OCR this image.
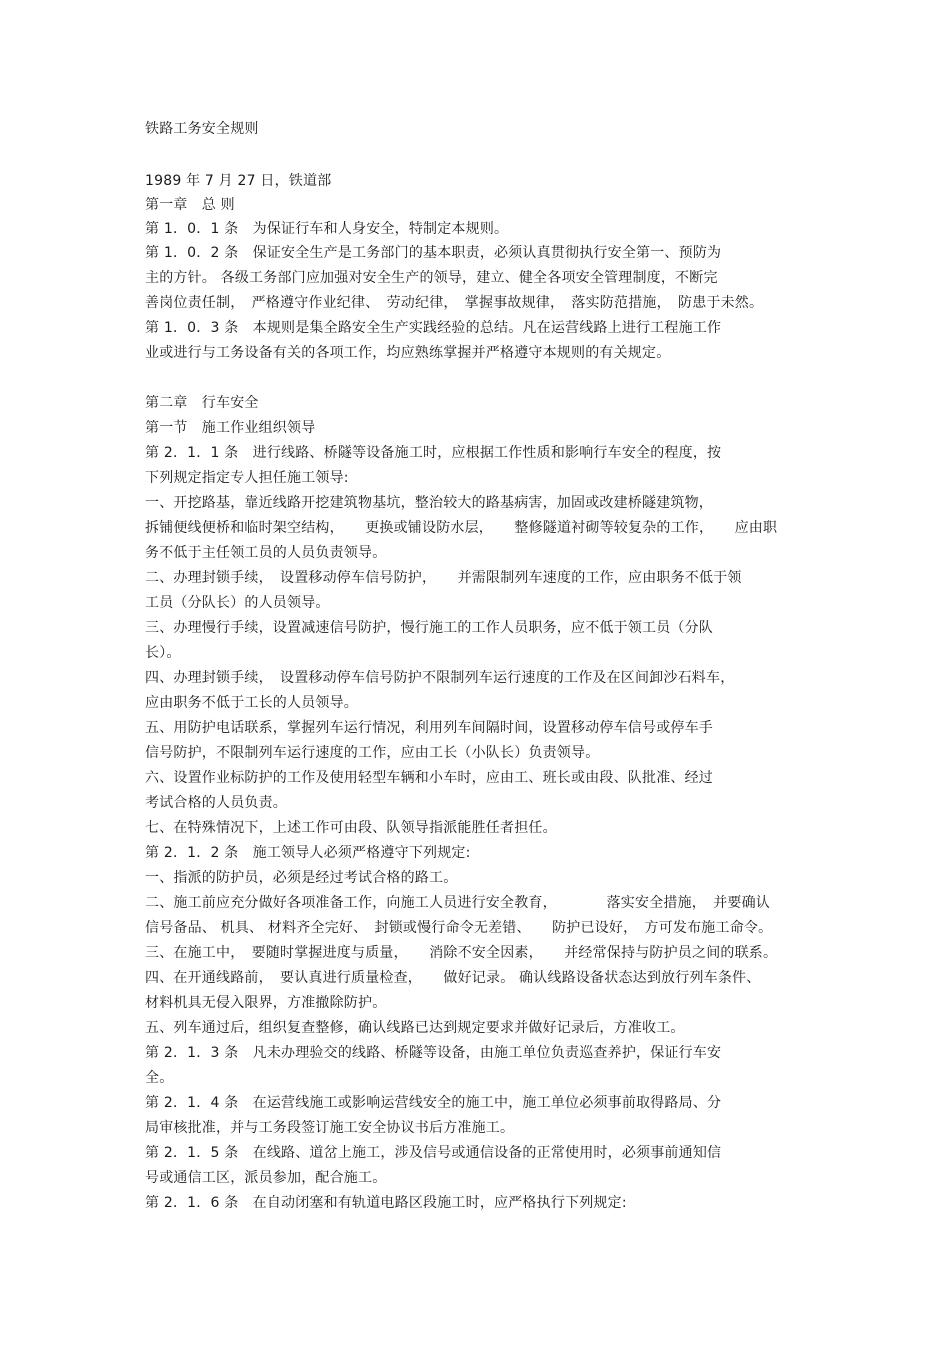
铁路工务安全规则
1989 年 7 月 27 日，铁道部
第一章　总 则
第 1．0．1 条　为保证行车和人身安全，特制定本规则。
第 1．0．2 条　保证安全生产是工务部门的基本职责，必须认真贯彻执行安全第一、预防为
主的方针。 各级工务部门应加强对安全生产的领导，建立、健全各项安全管理制度，不断完
善岗位责任制，　严格遵守作业纪律、　劳动纪律，　掌握事故规律，　落实防范措施，　防患于未然。
第 1．0．3 条　本规则是集全路安全生产实践经验的总结。凡在运营线路上进行工程施工作
业或进行与工务设备有关的各项工作，均应熟练掌握并严格遵守本规则的有关规定。
第二章　行车安全
第一节　施工作业组织领导
第 2．1．1 条　进行线路、桥隧等设备施工时，应根据工作性质和影响行车安全的程度，按
下列规定指定专人担任施工领导:
一、开挖路基，靠近线路开挖建筑物基坑，整治较大的路基病害，加固或改建桥隧建筑物，
拆铺便线便桥和临时架空结构，　　更换或铺设防水层，　　整修隧道衬砌等较复杂的工作，　　应由职
务不低于主任领工员的人员负责领导。
二、办理封锁手续，　设置移动停车信号防护，　　并需限制列车速度的工作，应由职务不低于领
工员（分队长）的人员领导。
三、办理慢行手续，设置减速信号防护，慢行施工的工作人员职务，应不低于领工员（分队
长）。
四、办理封锁手续，　设置移动停车信号防护不限制列车运行速度的工作及在区间卸沙石料车，
应由职务不低于工长的人员领导。
五、用防护电话联系，掌握列车运行情况，利用列车间隔时间，设置移动停车信号或停车手
信号防护，不限制列车运行速度的工作，应由工长（小队长）负责领导。
六、设置作业标防护的工作及使用轻型车辆和小车时，应由工、班长或由段、队批准、经过
考试合格的人员负责。
七、在特殊情况下，上述工作可由段、队领导指派能胜任者担任。
第 2．1．2 条　施工领导人必须严格遵守下列规定:
一、指派的防护员，必须是经过考试合格的路工。
二、施工前应充分做好各项准备工作，向施工人员进行安全教育，　　　　落实安全措施，　并要确认
信号备品、 机具、 材料齐全完好、　封锁或慢行命令无差错、　　防护已设好，　方可发布施工命令。
三、在施工中，　要随时掌握进度与质量，　　消除不安全因素，　　并经常保持与防护员之间的联系。
四、在开通线路前，　要认真进行质量检查，　　做好记录。 确认线路设备状态达到放行列车条件、
材料机具无侵入限界，方准撤除防护。
五、列车通过后，组织复查整修，确认线路已达到规定要求并做好记录后，方准收工。
第 2．1．3 条　凡未办理验交的线路、桥隧等设备，由施工单位负责巡查养护，保证行车安
全。
第 2．1．4 条　在运营线施工或影响运营线安全的施工中，施工单位必须事前取得路局、分
局审核批准，并与工务段签订施工安全协议书后方准施工。
第 2．1．5 条　在线路、道岔上施工，涉及信号或通信设备的正常使用时，必须事前通知信
号或通信工区，派员参加，配合施工。
第 2．1．6 条　在自动闭塞和有轨道电路区段施工时，应严格执行下列规定:
